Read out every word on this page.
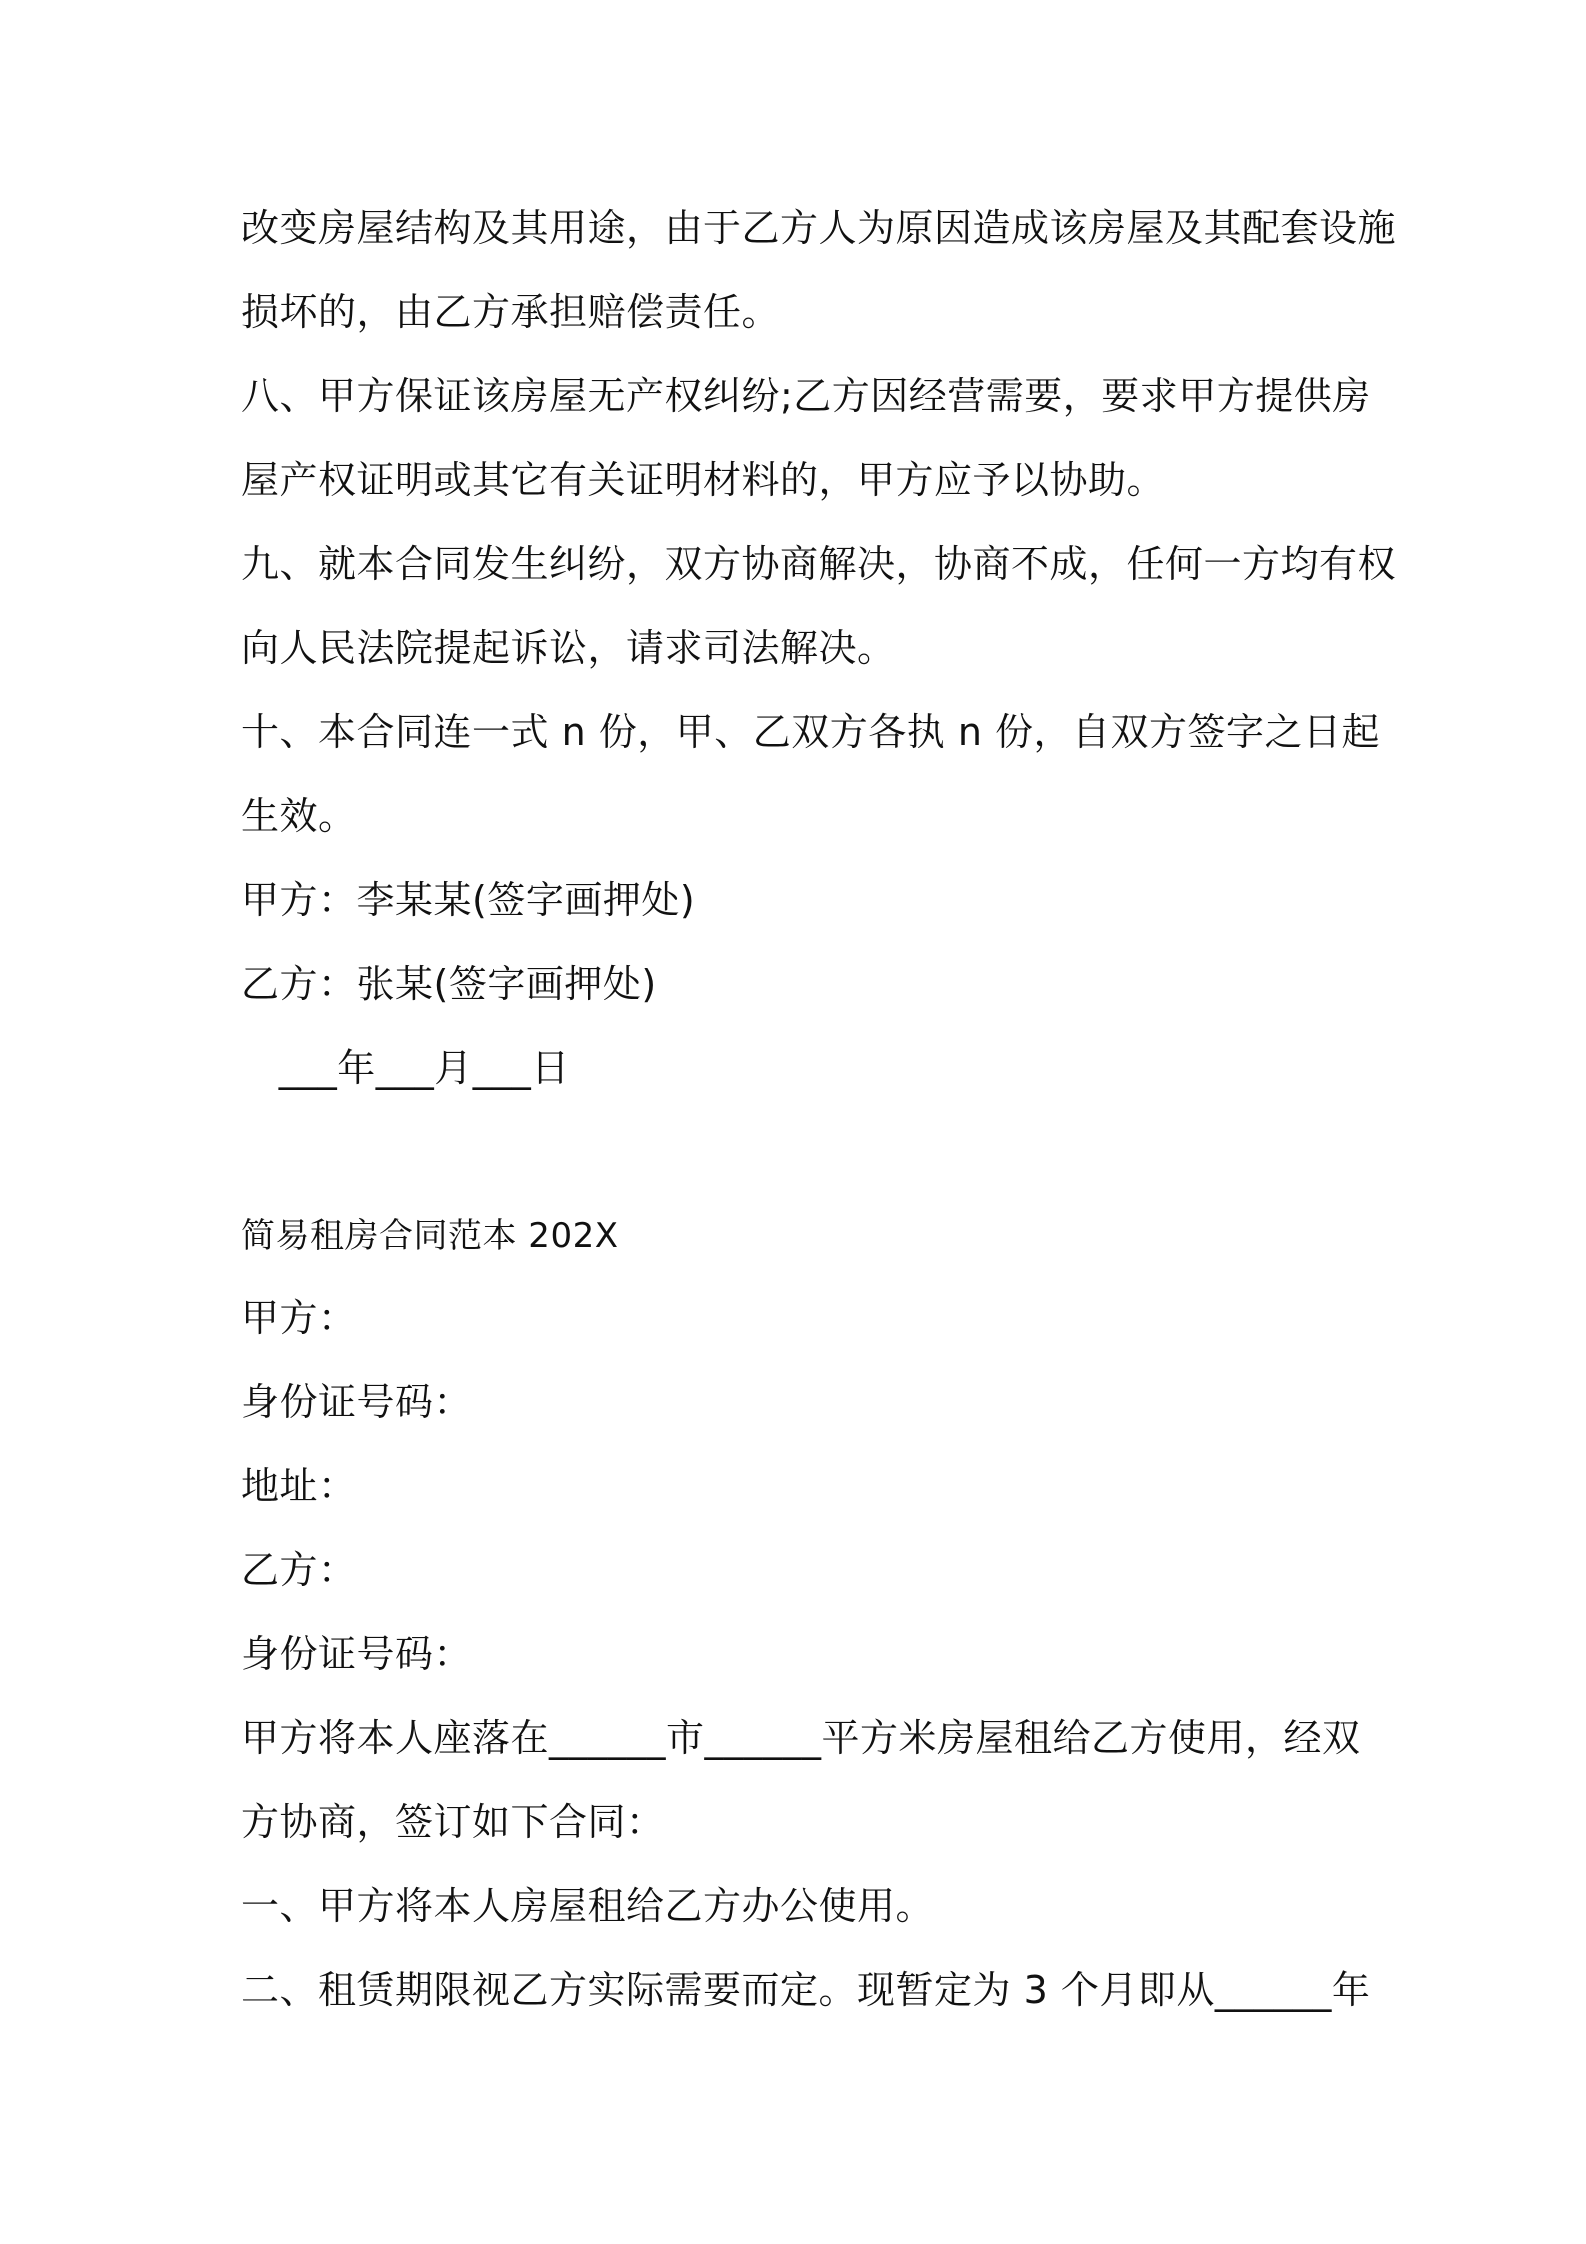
改变房屋结构及其用途，由于乙方人为原因造成该房屋及其配套设施

损坏的，由乙方承担赔偿责任。

八、甲方保证该房屋无产权纠纷;乙方因经营需要，要求甲方提供房

屋产权证明或其它有关证明材料的，甲方应予以协助。

九、就本合同发生纠纷，双方协商解决，协商不成，任何一方均有权

向人民法院提起诉讼，请求司法解决。

十、本合同连一式 n 份，甲、乙双方各执 n 份，自双方签字之日起

生效。

甲方：李某某(签字画押处)

乙方：张某(签字画押处)

___年___月___日

简易租房合同范本 202X

甲方：

身份证号码：

地址：

乙方：

身份证号码：

甲方将本人座落在______市______平方米房屋租给乙方使用，经双

方协商，签订如下合同：

一、甲方将本人房屋租给乙方办公使用。

二、租赁期限视乙方实际需要而定。现暂定为 3 个月即从______年
